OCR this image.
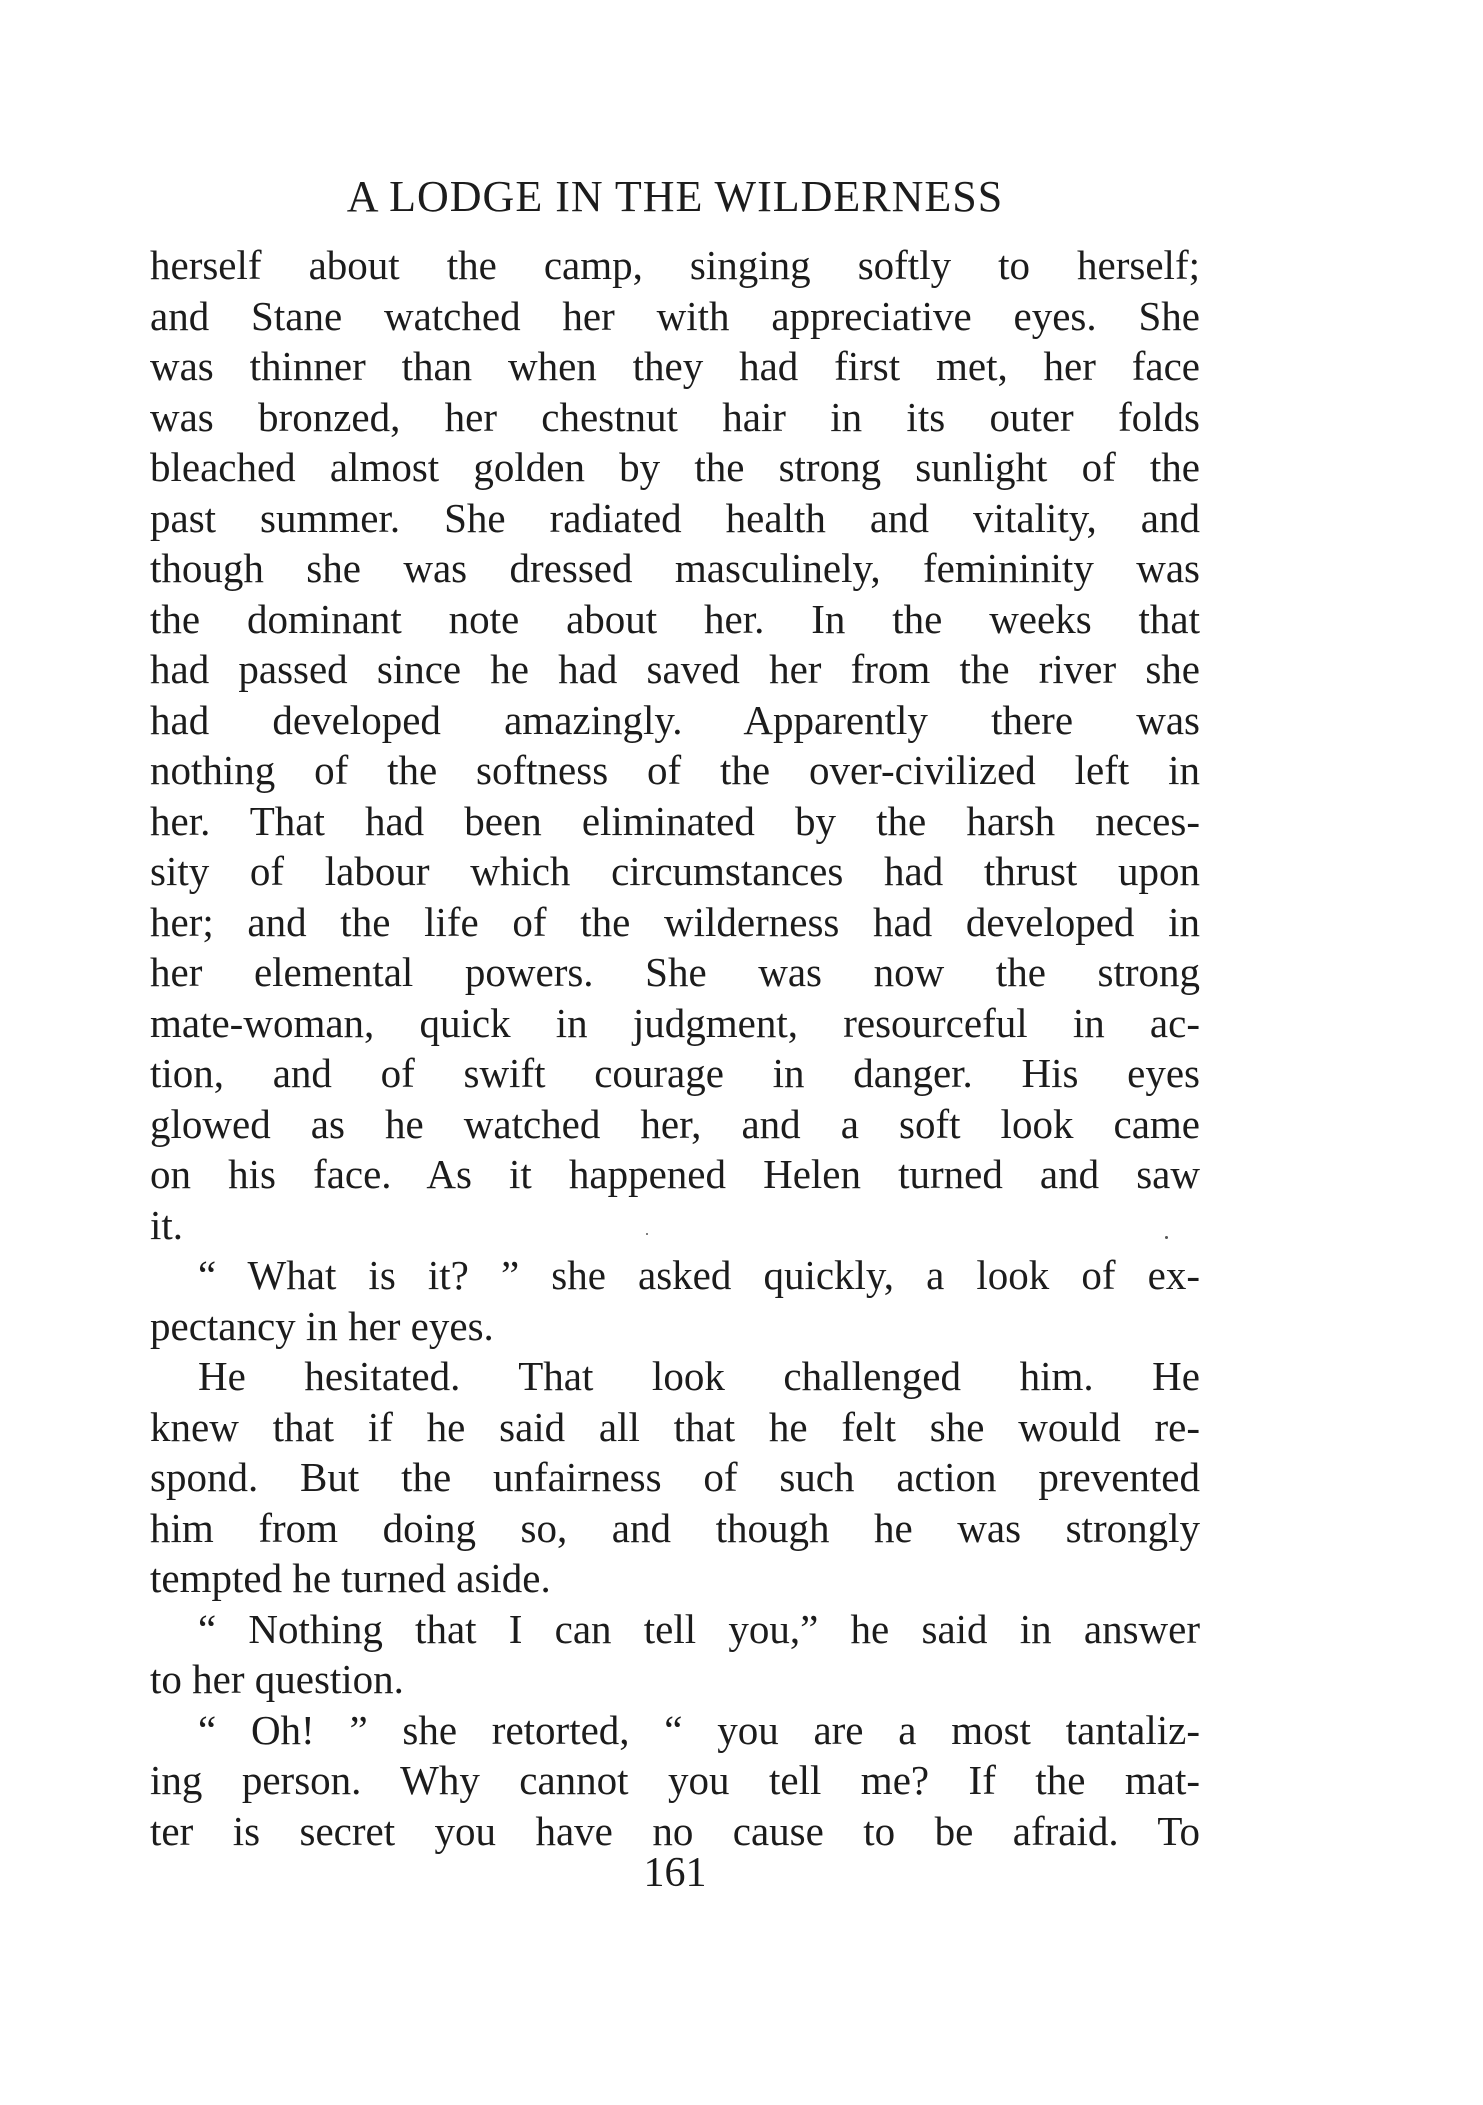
A LODGE IN THE WILDERNESS
herself about the camp, singing softly to herself;
and Stane watched her with appreciative eyes. She
was thinner than when they had first met, her face
was bronzed, her chestnut hair in its outer folds
bleached almost golden by the strong sunlight of the
past summer. She radiated health and vitality, and
though she was dressed masculinely, femininity was
the dominant note about her. In the weeks that
had passed since he had saved her from the river she
had developed amazingly. Apparently there was
nothing of the softness of the over-civilized left in
her. That had been eliminated by the harsh neces-
sity of labour which circumstances had thrust upon
her; and the life of the wilderness had developed in
her elemental powers. She was now the strong
mate-woman, quick in judgment, resourceful in ac-
tion, and of swift courage in danger. His eyes
glowed as he watched her, and a soft look came
on his face. As it happened Helen turned and saw
it.
“ What is it? ” she asked quickly, a look of ex-
pectancy in her eyes.
He hesitated. That look challenged him. He
knew that if he said all that he felt she would re-
spond. But the unfairness of such action prevented
him from doing so, and though he was strongly
tempted he turned aside.
“ Nothing that I can tell you,” he said in answer
to her question.
“ Oh! ” she retorted, “ you are a most tantaliz-
ing person. Why cannot you tell me? If the mat-
ter is secret you have no cause to be afraid. To
161
